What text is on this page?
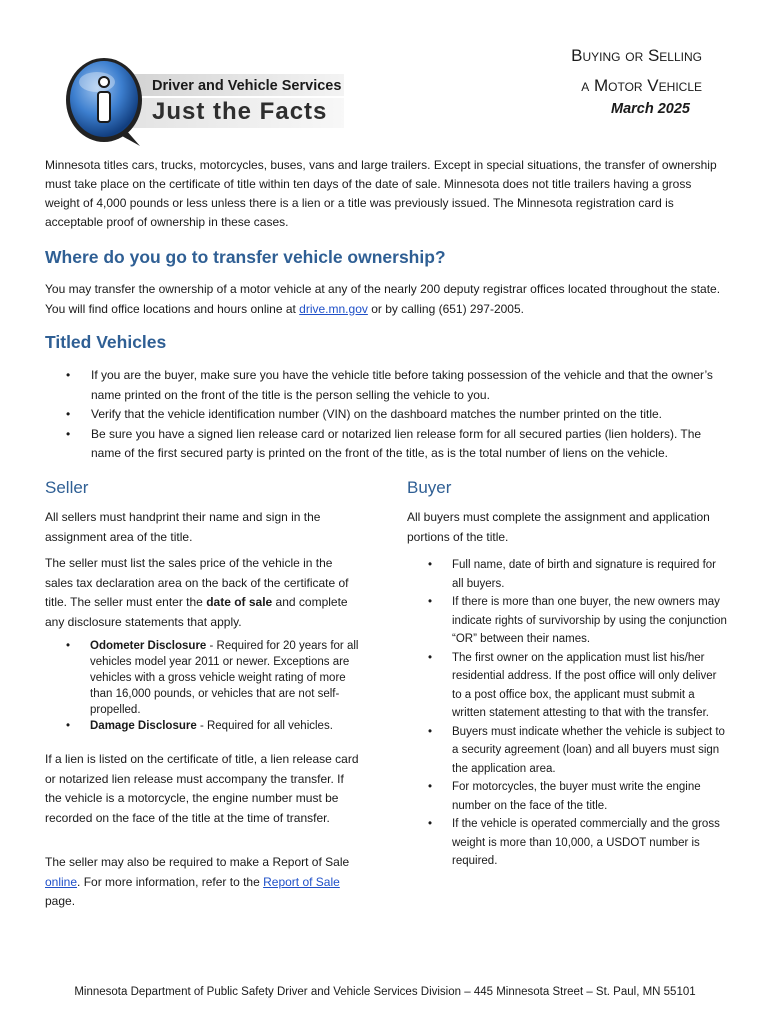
Driver and Vehicle Services
Just the Facts
Buying or Selling
a Motor Vehicle
March 2025
Minnesota titles cars, trucks, motorcycles, buses, vans and large trailers. Except in special situations, the transfer of ownership must take place on the certificate of title within ten days of the date of sale. Minnesota does not title trailers having a gross weight of 4,000 pounds or less unless there is a lien or a title was previously issued. The Minnesota registration card is acceptable proof of ownership in these cases.
Where do you go to transfer vehicle ownership?
You may transfer the ownership of a motor vehicle at any of the nearly 200 deputy registrar offices located throughout the state. You will find office locations and hours online at drive.mn.gov or by calling (651) 297-2005.
Titled Vehicles
• If you are the buyer, make sure you have the vehicle title before taking possession of the vehicle and that the owner’s name printed on the front of the title is the person selling the vehicle to you.
• Verify that the vehicle identification number (VIN) on the dashboard matches the number printed on the title.
• Be sure you have a signed lien release card or notarized lien release form for all secured parties (lien holders). The name of the first secured party is printed on the front of the title, as is the total number of liens on the vehicle.
Seller
All sellers must handprint their name and sign in the assignment area of the title.
The seller must list the sales price of the vehicle in the sales tax declaration area on the back of the certificate of title. The seller must enter the date of sale and complete any disclosure statements that apply.
• Odometer Disclosure - Required for 20 years for all vehicles model year 2011 or newer. Exceptions are vehicles with a gross vehicle weight rating of more than 16,000 pounds, or vehicles that are not self- propelled.
• Damage Disclosure - Required for all vehicles.
If a lien is listed on the certificate of title, a lien release card or notarized lien release must accompany the transfer. If the vehicle is a motorcycle, the engine number must be recorded on the face of the title at the time of transfer.
The seller may also be required to make a Report of Sale online. For more information, refer to the Report of Sale page.
Buyer
All buyers must complete the assignment and application portions of the title.
• Full name, date of birth and signature is required for all buyers.
• If there is more than one buyer, the new owners may indicate rights of survivorship by using the conjunction “OR” between their names.
• The first owner on the application must list his/her residential address. If the post office will only deliver to a post office box, the applicant must submit a written statement attesting to that with the transfer.
• Buyers must indicate whether the vehicle is subject to a security agreement (loan) and all buyers must sign the application area.
• For motorcycles, the buyer must write the engine number on the face of the title.
• If the vehicle is operated commercially and the gross weight is more than 10,000, a USDOT number is required.
Minnesota Department of Public Safety Driver and Vehicle Services Division – 445 Minnesota Street – St. Paul, MN 55101
